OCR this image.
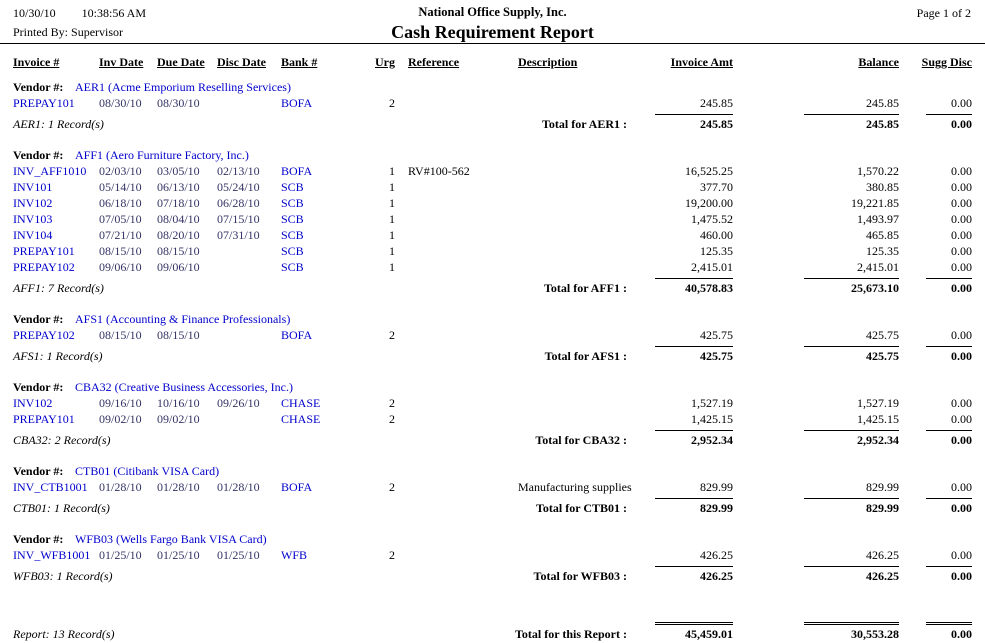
10/30/10 10:38:56 AM
Printed By: Supervisor
National Office Supply, Inc.
Cash Requirement Report
Page 1 of 2
Invoice #	Inv Date	Due Date	Disc Date	Bank #	Urg	Reference	Description	Invoice Amt	Balance	Sugg Disc
Vendor #: AER1 (Acme Emporium Reselling Services)										
PREPAY101	08/30/10	08/30/10		BOFA	2			245.85	245.85	0.00
AER1: 1 Record(s)				Total for AER1 :				245.85	245.85	0.00

Vendor #: AFF1 (Aero Furniture Factory, Inc.)										
INV_AFF1010	02/03/10	03/05/10	02/13/10	BOFA	1	RV#100-562		16,525.25	1,570.22	0.00
INV101	05/14/10	06/13/10	05/24/10	SCB	1			377.70	380.85	0.00
INV102	06/18/10	07/18/10	06/28/10	SCB	1			19,200.00	19,221.85	0.00
INV103	07/05/10	08/04/10	07/15/10	SCB	1			1,475.52	1,493.97	0.00
INV104	07/21/10	08/20/10	07/31/10	SCB	1			460.00	465.85	0.00
PREPAY101	08/15/10	08/15/10		SCB	1			125.35	125.35	0.00
PREPAY102	09/06/10	09/06/10		SCB	1			2,415.01	2,415.01	0.00
AFF1: 7 Record(s)				Total for AFF1 :				40,578.83	25,673.10	0.00

Vendor #: AFS1 (Accounting & Finance Professionals)										
PREPAY102	08/15/10	08/15/10		BOFA	2			425.75	425.75	0.00
AFS1: 1 Record(s)				Total for AFS1 :				425.75	425.75	0.00

Vendor #: CBA32 (Creative Business Accessories, Inc.)										
INV102	09/16/10	10/16/10	09/26/10	CHASE	2			1,527.19	1,527.19	0.00
PREPAY101	09/02/10	09/02/10		CHASE	2			1,425.15	1,425.15	0.00
CBA32: 2 Record(s)				Total for CBA32 :				2,952.34	2,952.34	0.00

Vendor #: CTB01 (Citibank VISA Card)										
INV_CTB1001	01/28/10	01/28/10	01/28/10	BOFA	2		Manufacturing supplies	829.99	829.99	0.00
CTB01: 1 Record(s)				Total for CTB01 :				829.99	829.99	0.00

Vendor #: WFB03 (Wells Fargo Bank VISA Card)										
INV_WFB1001	01/25/10	01/25/10	01/25/10	WFB	2			426.25	426.25	0.00
WFB03: 1 Record(s)				Total for WFB03 :				426.25	426.25	0.00

Report: 13 Record(s)				Total for this Report :				45,459.01	30,553.28	0.00
